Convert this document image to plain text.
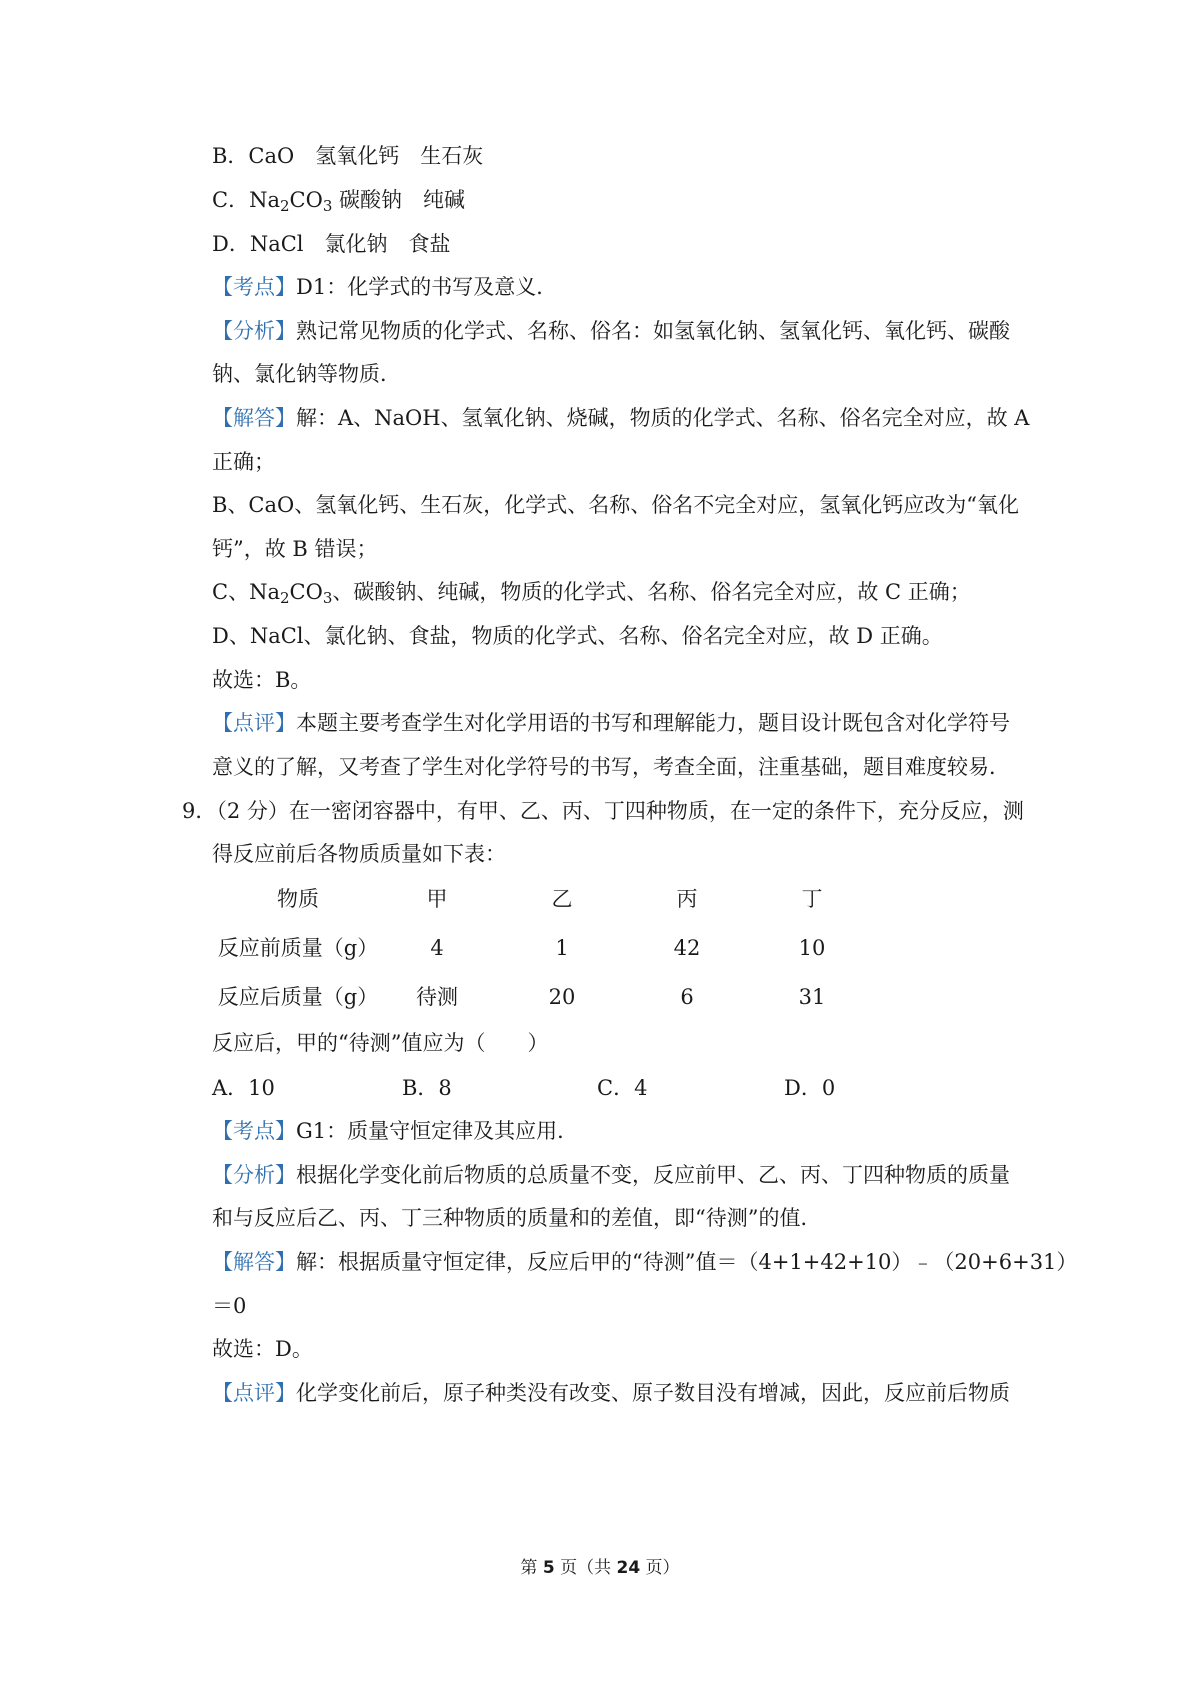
B．CaO　氢氧化钙　生石灰
C．$Na_2CO_3$ 碳酸钠　纯碱
D．NaCl　氯化钠　食盐
【考点】D1：化学式的书写及意义．
【分析】熟记常见物质的化学式、名称、俗名：如氢氧化钠、氢氧化钙、氧化钙、碳酸
钠、氯化钠等物质．
【解答】解：A、NaOH、氢氧化钠、烧碱，物质的化学式、名称、俗名完全对应，故 A
正确；
B、CaO、氢氧化钙、生石灰，化学式、名称、俗名不完全对应，氢氧化钙应改为“氧化
钙”，故 B 错误；
C、$Na_2CO_3$、碳酸钠、纯碱，物质的化学式、名称、俗名完全对应，故 C 正确；
D、NaCl、氯化钠、食盐，物质的化学式、名称、俗名完全对应，故 D 正确。
故选：B。
【点评】本题主要考查学生对化学用语的书写和理解能力，题目设计既包含对化学符号
意义的了解，又考查了学生对化学符号的书写，考查全面，注重基础，题目难度较易．
9．（2 分）在一密闭容器中，有甲、乙、丙、丁四种物质，在一定的条件下，充分反应，测
得反应前后各物质质量如下表：
物质	甲	乙	丙	丁
反应前质量（g） 4	1	42	10
反应后质量（g） 待测	20	6	31
反应后，甲的“待测”值应为（　　）
A．10	B．8	C．4	D．0
【考点】G1：质量守恒定律及其应用．
【分析】根据化学变化前后物质的总质量不变，反应前甲、乙、丙、丁四种物质的质量
和与反应后乙、丙、丁三种物质的质量和的差值，即“待测”的值．
【解答】解：根据质量守恒定律，反应后甲的“待测”值＝（4+1+42+10）﹣（20+6+31）
＝0
故选：D。
【点评】化学变化前后，原子种类没有改变、原子数目没有增减，因此，反应前后物质
第 5 页（共 24 页）
